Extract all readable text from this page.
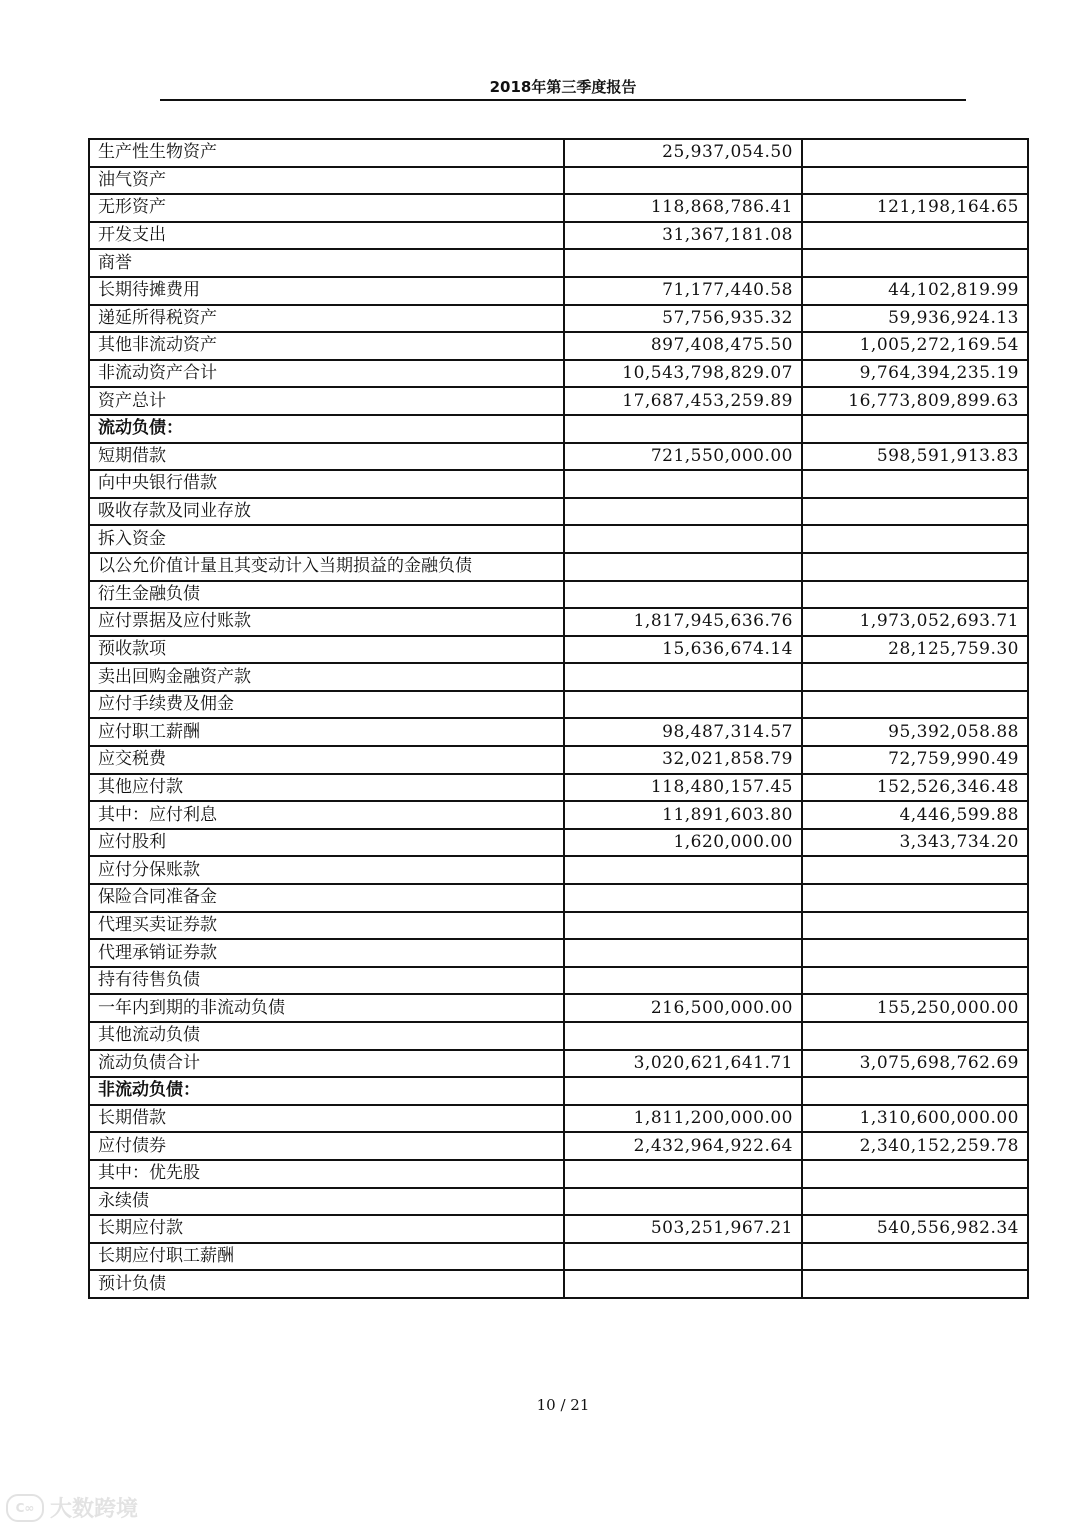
2018年第三季度报告
生产性生物资产	25,937,054.50	
油气资产		
无形资产	118,868,786.41	121,198,164.65
开发支出	31,367,181.08	
商誉		
长期待摊费用	71,177,440.58	44,102,819.99
递延所得税资产	57,756,935.32	59,936,924.13
其他非流动资产	897,408,475.50	1,005,272,169.54
非流动资产合计	10,543,798,829.07	9,764,394,235.19
资产总计	17,687,453,259.89	16,773,809,899.63
流动负债：		
短期借款	721,550,000.00	598,591,913.83
向中央银行借款		
吸收存款及同业存放		
拆入资金		
以公允价值计量且其变动计入当期损益的金融负债		
衍生金融负债		
应付票据及应付账款	1,817,945,636.76	1,973,052,693.71
预收款项	15,636,674.14	28,125,759.30
卖出回购金融资产款		
应付手续费及佣金		
应付职工薪酬	98,487,314.57	95,392,058.88
应交税费	32,021,858.79	72,759,990.49
其他应付款	118,480,157.45	152,526,346.48
其中：应付利息	11,891,603.80	4,446,599.88
应付股利	1,620,000.00	3,343,734.20
应付分保账款		
保险合同准备金		
代理买卖证券款		
代理承销证券款		
持有待售负债		
一年内到期的非流动负债	216,500,000.00	155,250,000.00
其他流动负债		
流动负债合计	3,020,621,641.71	3,075,698,762.69
非流动负债：		
长期借款	1,811,200,000.00	1,310,600,000.00
应付债券	2,432,964,922.64	2,340,152,259.78
其中：优先股		
永续债		
长期应付款	503,251,967.21	540,556,982.34
长期应付职工薪酬		
预计负债		
10 / 21
C∞ 大数跨境
